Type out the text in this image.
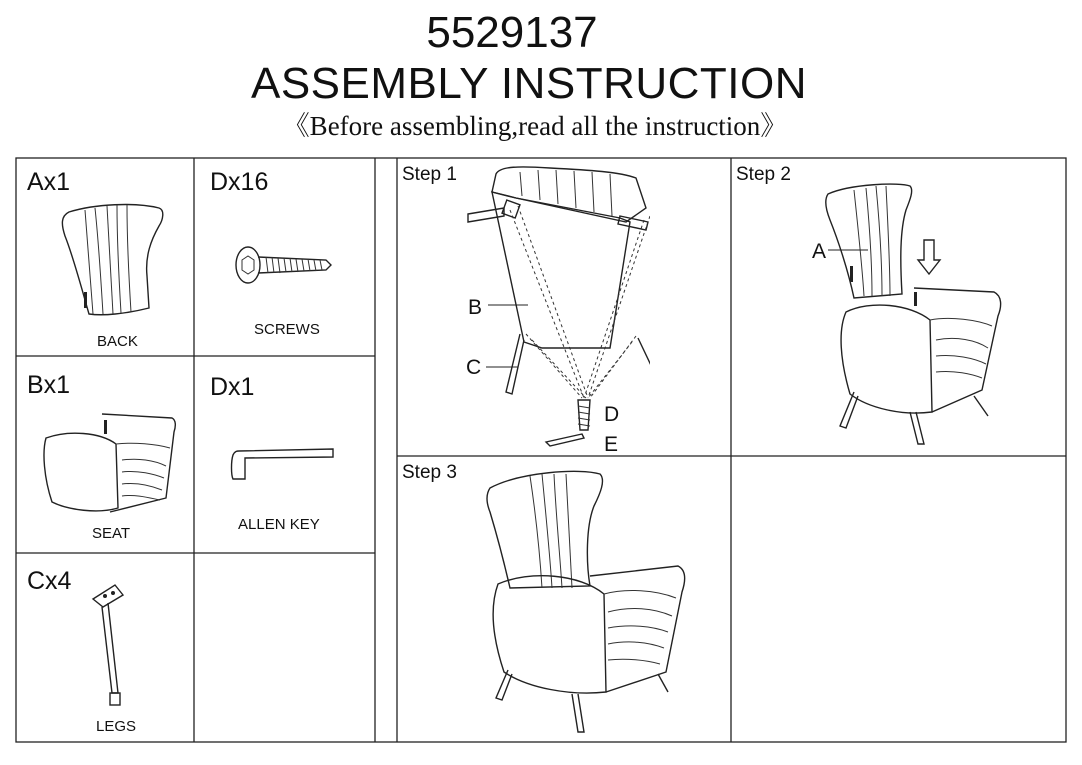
5529137
ASSEMBLY INSTRUCTION
《Before assembling,read all the instruction》
Ax1
BACK
Dx16
SCREWS
Bx1
SEAT
Dx1
ALLEN KEY
Cx4
LEGS
Step 1
B
C
D
E
Step 2
A
Step 3
